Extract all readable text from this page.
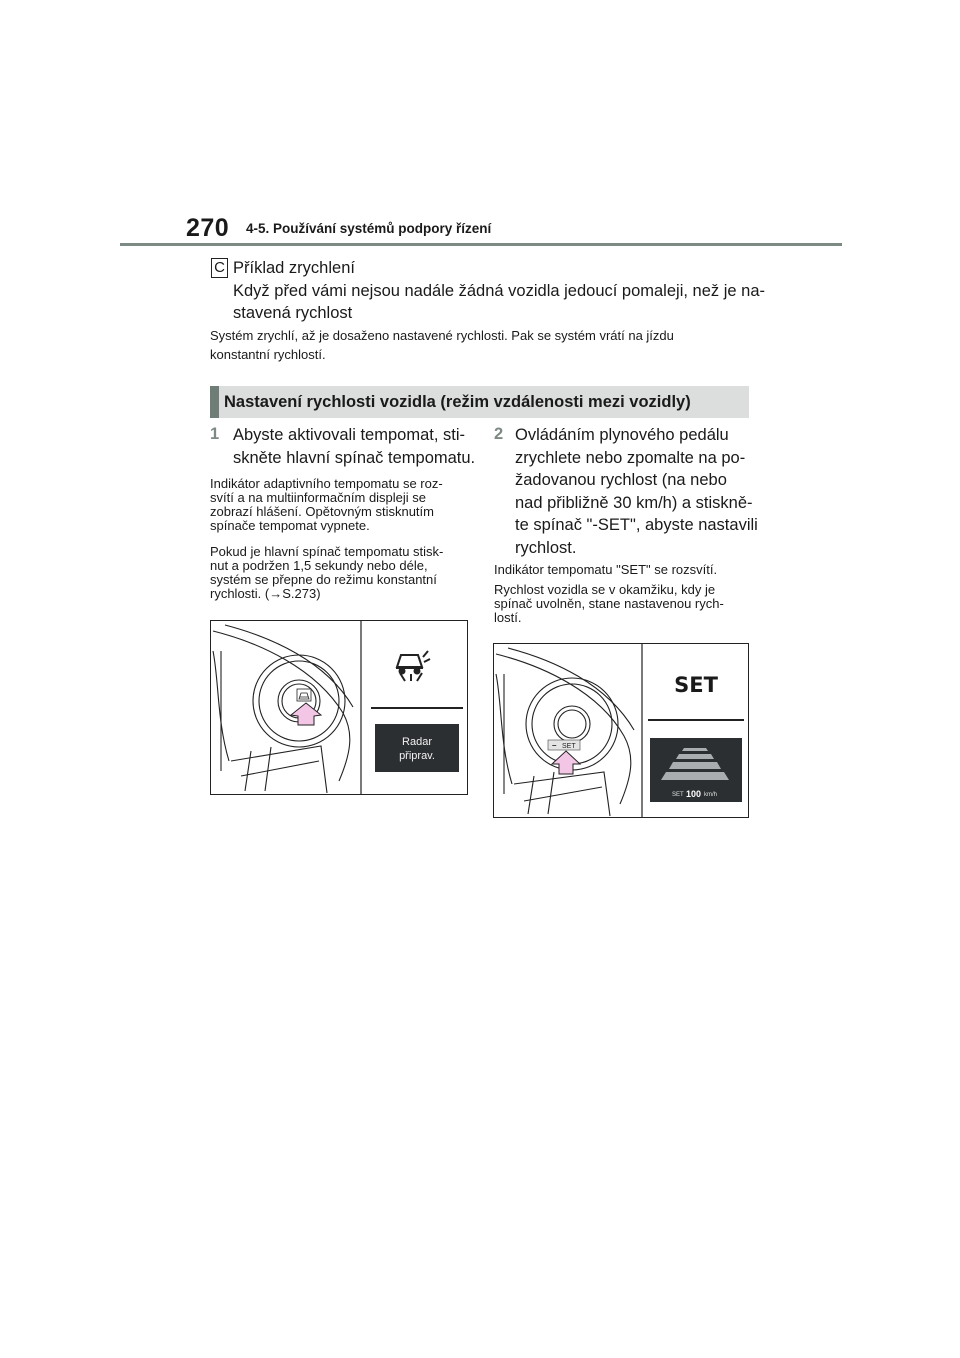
270 4-5. Používání systémů podpory řízení
C Příklad zrychlení
Když před vámi nejsou nadále žádná vozidla jedoucí pomaleji, než je na-
stavená rychlost
Systém zrychlí, až je dosaženo nastavené rychlosti. Pak se systém vrátí na jízdu
konstantní rychlostí.
Nastavení rychlosti vozidla (režim vzdálenosti mezi vozidly)
1 Abyste aktivovali tempomat, sti-
skněte hlavní spínač tempomatu.
Indikátor adaptivního tempomatu se roz-
svítí a na multiinformačním displeji se
zobrazí hlášení. Opětovným stisknutím
spínače tempomat vypnete.
Pokud je hlavní spínač tempomatu stisk-
nut a podržen 1,5 sekundy nebo déle,
systém se přepne do režimu konstantní
rychlosti. (→S.273)
Radar
připrav.
2 Ovládáním plynového pedálu
zrychlete nebo zpomalte na po-
žadovanou rychlost (na nebo
nad přibližně 30 km/h) a stiskně-
te spínač "-SET", abyste nastavili
rychlost.
Indikátor tempomatu "SET" se rozsvítí.
Rychlost vozidla se v okamžiku, kdy je
spínač uvolněn, stane nastavenou rych-
lostí.
– SET
SET
SET 100 km/h
